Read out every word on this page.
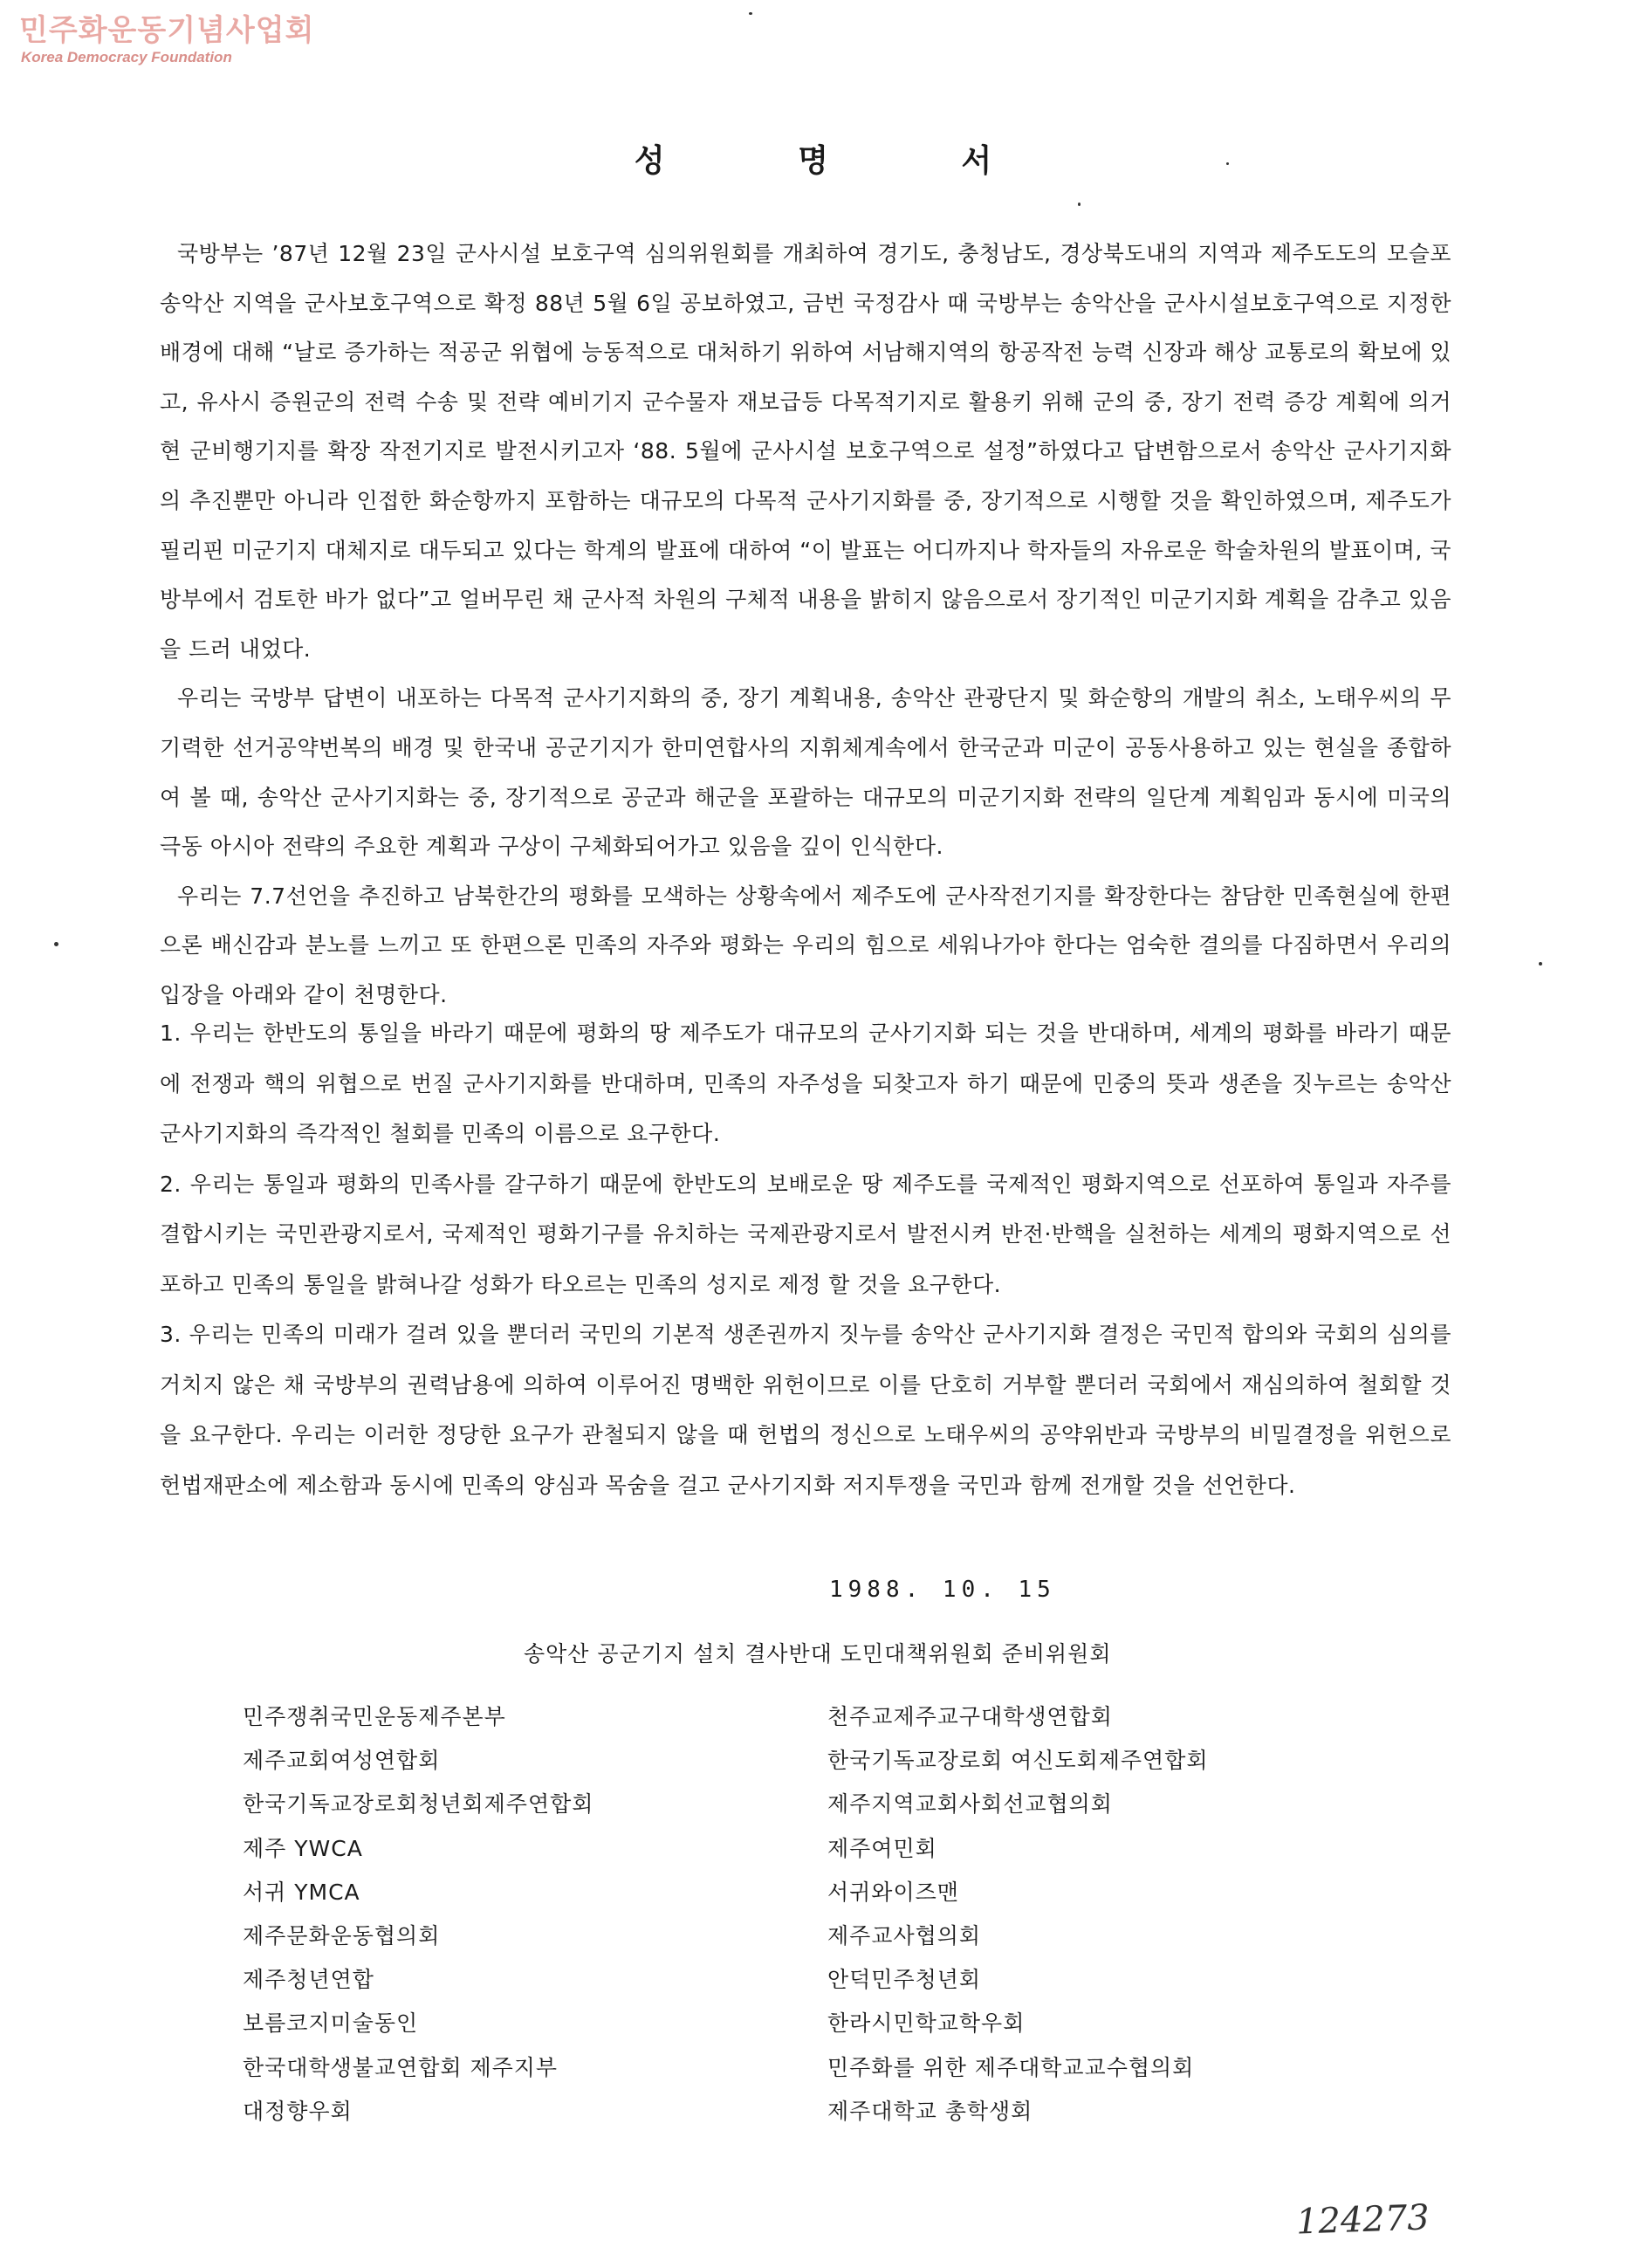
민주화운동기념사업회
Korea Democracy Foundation
성 명 서

국방부는 ’87년 12월 23일 군사시설 보호구역 심의위원회를 개최하여 경기도, 충청남도, 경상북도내의 지역과 제주도도의 모슬포 송악산 지역을 군사보호구역으로 확정 88년 5월 6일 공보하였고, 금번 국정감사 때 국방부는 송악산을 군사시설보호구역으로 지정한 배경에 대해 “날로 증가하는 적공군 위협에 능동적으로 대처하기 위하여 서남해지역의 항공작전 능력 신장과 해상 교통로의 확보에 있고, 유사시 증원군의 전력 수송 및 전략 예비기지 군수물자 재보급등 다목적기지로 활용키 위해 군의 중, 장기 전력 증강 계획에 의거 현 군비행기지를 확장 작전기지로 발전시키고자 ‘88. 5월에 군사시설 보호구역으로 설정”하였다고 답변함으로서 송악산 군사기지화의 추진뿐만 아니라 인접한 화순항까지 포함하는 대규모의 다목적 군사기지화를 중, 장기적으로 시행할 것을 확인하였으며, 제주도가 필리핀 미군기지 대체지로 대두되고 있다는 학계의 발표에 대하여 “이 발표는 어디까지나 학자들의 자유로운 학술차원의 발표이며, 국방부에서 검토한 바가 없다”고 얼버무린 채 군사적 차원의 구체적 내용을 밝히지 않음으로서 장기적인 미군기지화 계획을 감추고 있음을 드러 내었다.

우리는 국방부 답변이 내포하는 다목적 군사기지화의 중, 장기 계획내용, 송악산 관광단지 및 화순항의 개발의 취소, 노태우씨의 무기력한 선거공약번복의 배경 및 한국내 공군기지가 한미연합사의 지휘체계속에서 한국군과 미군이 공동사용하고 있는 현실을 종합하여 볼 때, 송악산 군사기지화는 중, 장기적으로 공군과 해군을 포괄하는 대규모의 미군기지화 전략의 일단계 계획임과 동시에 미국의 극동 아시아 전략의 주요한 계획과 구상이 구체화되어가고 있음을 깊이 인식한다.

우리는 7.7선언을 추진하고 남북한간의 평화를 모색하는 상황속에서 제주도에 군사작전기지를 확장한다는 참담한 민족현실에 한편으론 배신감과 분노를 느끼고 또 한편으론 민족의 자주와 평화는 우리의 힘으로 세워나가야 한다는 엄숙한 결의를 다짐하면서 우리의 입장을 아래와 같이 천명한다.

1. 우리는 한반도의 통일을 바라기 때문에 평화의 땅 제주도가 대규모의 군사기지화 되는 것을 반대하며, 세계의 평화를 바라기 때문에 전쟁과 핵의 위협으로 번질 군사기지화를 반대하며, 민족의 자주성을 되찾고자 하기 때문에 민중의 뜻과 생존을 짓누르는 송악산 군사기지화의 즉각적인 철회를 민족의 이름으로 요구한다.

2. 우리는 통일과 평화의 민족사를 갈구하기 때문에 한반도의 보배로운 땅 제주도를 국제적인 평화지역으로 선포하여 통일과 자주를 결합시키는 국민관광지로서, 국제적인 평화기구를 유치하는 국제관광지로서 발전시켜 반전·반핵을 실천하는 세계의 평화지역으로 선포하고 민족의 통일을 밝혀나갈 성화가 타오르는 민족의 성지로 제정 할 것을 요구한다.

3. 우리는 민족의 미래가 걸려 있을 뿐더러 국민의 기본적 생존권까지 짓누를 송악산 군사기지화 결정은 국민적 합의와 국회의 심의를 거치지 않은 채 국방부의 권력남용에 의하여 이루어진 명백한 위헌이므로 이를 단호히 거부할 뿐더러 국회에서 재심의하여 철회할 것을 요구한다. 우리는 이러한 정당한 요구가 관철되지 않을 때 헌법의 정신으로 노태우씨의 공약위반과 국방부의 비밀결정을 위헌으로 헌법재판소에 제소함과 동시에 민족의 양심과 목숨을 걸고 군사기지화 저지투쟁을 국민과 함께 전개할 것을 선언한다.

1988. 10. 15
송악산 공군기지 설치 결사반대 도민대책위원회 준비위원회
민주쟁취국민운동제주본부
제주교회여성연합회
한국기독교장로회청년회제주연합회
제주 YWCA
서귀 YMCA
제주문화운동협의회
제주청년연합
보름코지미술동인
한국대학생불교연합회 제주지부
대정향우회
천주교제주교구대학생연합회
한국기독교장로회 여신도회제주연합회
제주지역교회사회선교협의회
제주여민회
서귀와이즈맨
제주교사협의회
안덕민주청년회
한라시민학교학우회
민주화를 위한 제주대학교교수협의회
제주대학교 총학생회
124273
